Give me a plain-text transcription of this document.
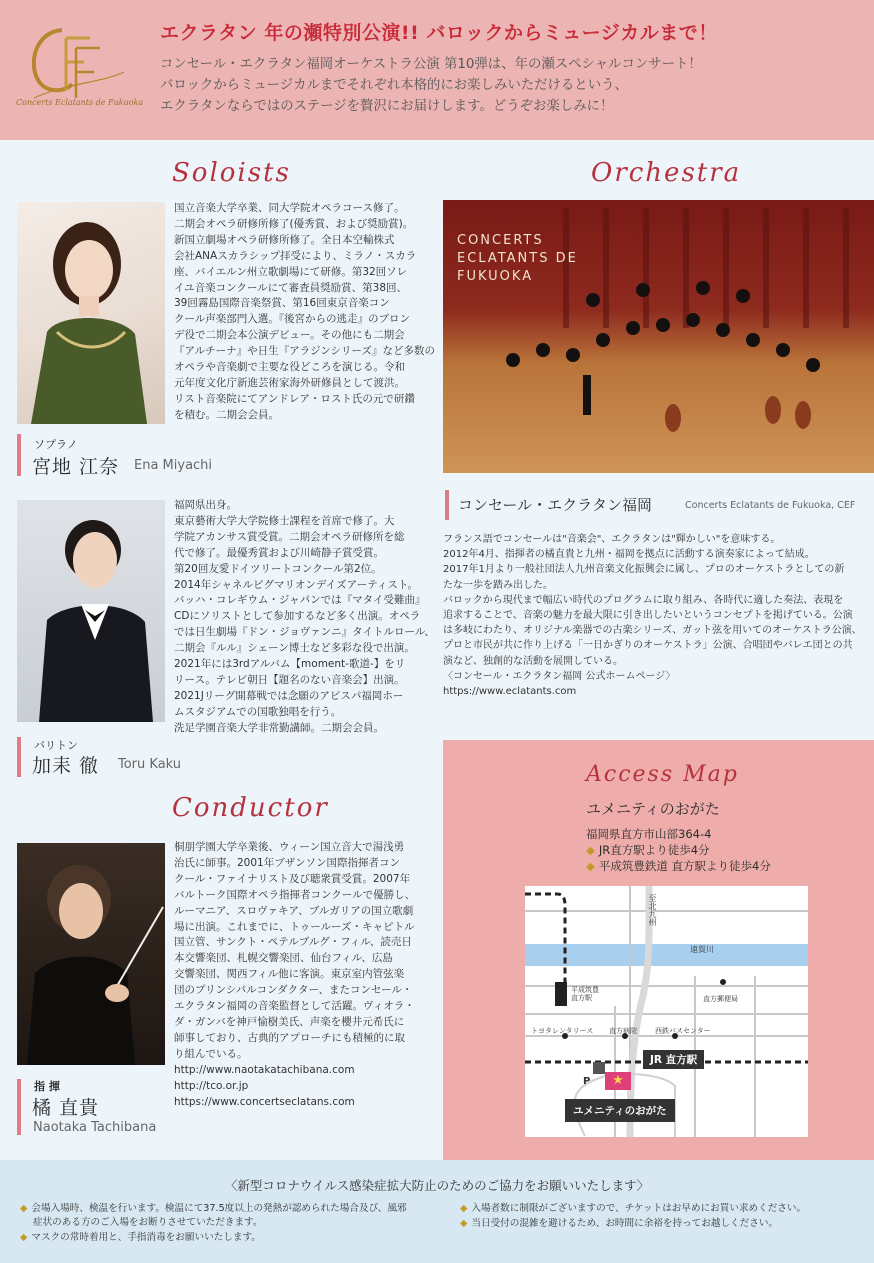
Concerts Eclatants de Fukuoka
エクラタン 年の瀬特別公演!! バロックからミュージカルまで！

コンセール・エクラタン福岡オーケストラ公演 第10弾は、年の瀬スペシャルコンサート！

バロックからミュージカルまでそれぞれ本格的にお楽しみいただけるという、

エクラタンならではのステージを贅沢にお届けします。どうぞお楽しみに！

Soloists

国立音楽大学卒業、同大学院オペラコース修了。

二期会オペラ研修所修了(優秀賞、および奨励賞)。

新国立劇場オペラ研修所修了。全日本空輸株式

会社ANAスカラシップ拝受により、ミラノ・スカラ

座、バイエルン州立歌劇場にて研修。第32回ソレ

イユ音楽コンクールにて審査員奨励賞、第38回、

39回霧島国際音楽祭賞、第16回東京音楽コン

クール声楽部門入選。『後宮からの逃走』のブロン

デ役で二期会本公演デビュー。その他にも二期会

『アルチーナ』や日生『アラジンシリーズ』など多数の

オペラや音楽劇で主要な役どころを演じる。令和

元年度文化庁新進芸術家海外研修員として渡洪。

リスト音楽院にてアンドレア・ロスト氏の元で研鑽

を積む。二期会会員。

ソプラノ
宮地 江奈 Ena Miyachi

福岡県出身。

東京藝術大学大学院修士課程を首席で修了。大

学院アカンサス賞受賞。二期会オペラ研修所を総

代で修了。最優秀賞および川崎静子賞受賞。

第20回友愛ドイツリートコンクール第2位。

2014年シャネルピグマリオンデイズアーティスト。

バッハ・コレギウム・ジャパンでは『マタイ受難曲』

CDにソリストとして参加するなど多く出演。オペラ

では日生劇場『ドン・ジョヴァンニ』タイトルロール、

二期会『ルル』シェーン博士など多彩な役で出演。

2021年には3rdアルバム【moment-歌道-】をリ

リース。テレビ朝日【題名のない音楽会】出演。

2021Jリーグ開幕戦では念願のアビスパ福岡ホー

ムスタジアムでの国歌独唱を行う。

洗足学園音楽大学非常勤講師。二期会会員。

バリトン
加耒 徹 Toru Kaku
Conductor

桐朋学園大学卒業後、ウィーン国立音大で湯浅勇

治氏に師事。2001年ブザンソン国際指揮者コン

クール・ファイナリスト及び聴衆賞受賞。2007年

バルトーク国際オペラ指揮者コンクールで優勝し、

ルーマニア、スロヴァキア、ブルガリアの国立歌劇

場に出演。これまでに、トゥールーズ・キャピトル

国立管、サンクト・ペテルブルグ・フィル、読売日

本交響楽団、札幌交響楽団、仙台フィル、広島

交響楽団、関西フィル他に客演。東京室内管弦楽

団のプリンシパルコンダクター、またコンセール・

エクラタン福岡の音楽監督として活躍。ヴィオラ・

ダ・ガンバを神戸愉樹美氏、声楽を櫻井元希氏に

師事しており、古典的アプローチにも積極的に取

り組んでいる。

http://www.naotakatachibana.com

http://tco.or.jp

https://www.concertseclatans.com

指 揮
橘 直貴
Naotaka Tachibana
Orchestra

CONCERTS

ECLATANTS DE

FUKUOKA

コンセール・エクラタン福岡	Concerts Eclatants de Fukuoka, CEF

フランス語でコンセールは"音楽会"、エクラタンは"輝かしい"を意味する。

2012年4月、指揮者の橘直貴と九州・福岡を拠点に活動する演奏家によって結成。

2017年1月より一般社団法人九州音楽文化振興会に属し、プロのオーケストラとしての新

たな一歩を踏み出した。

バロックから現代まで幅広い時代のプログラムに取り組み、各時代に適した奏法、表現を

追求することで、音楽の魅力を最大限に引き出したいというコンセプトを掲げている。公演

は多岐にわたり、オリジナル楽器での古楽シリーズ、ガット弦を用いてのオーケストラ公演、

プロと市民が共に作り上げる「一日かぎりのオーケストラ」公演、合唱団やバレエ団との共

演など、独創的な活動を展開している。

〈コンセール・エクラタン福岡 公式ホームページ〉

https://www.eclatants.com

Access Map
ユメニティのおがた
福岡県直方市山部364-4
◆ JR直方駅より徒歩4分
◆ 平成筑豊鉄道 直方駅より徒歩4分
至北九州
遠賀川
平成筑豊
直方駅	直方郵便局
トヨタレンタリース 直方病院	西鉄バスセンター
JR 直方駅
P	★
ユメニティのおがた
〈新型コロナウイルス感染症拡大防止のためのご協力をお願いいたします〉
◆ 会場入場時、検温を行います。検温にて37.5度以上の発熱が認められた場合及び、風邪
症状のある方のご入場をお断りさせていただきます。
◆ マスクの常時着用と、手指消毒をお願いいたします。
◆ 入場者数に制限がございますので、チケットはお早めにお買い求めください。
◆ 当日受付の混雑を避けるため、お時間に余裕を持ってお越しください。
